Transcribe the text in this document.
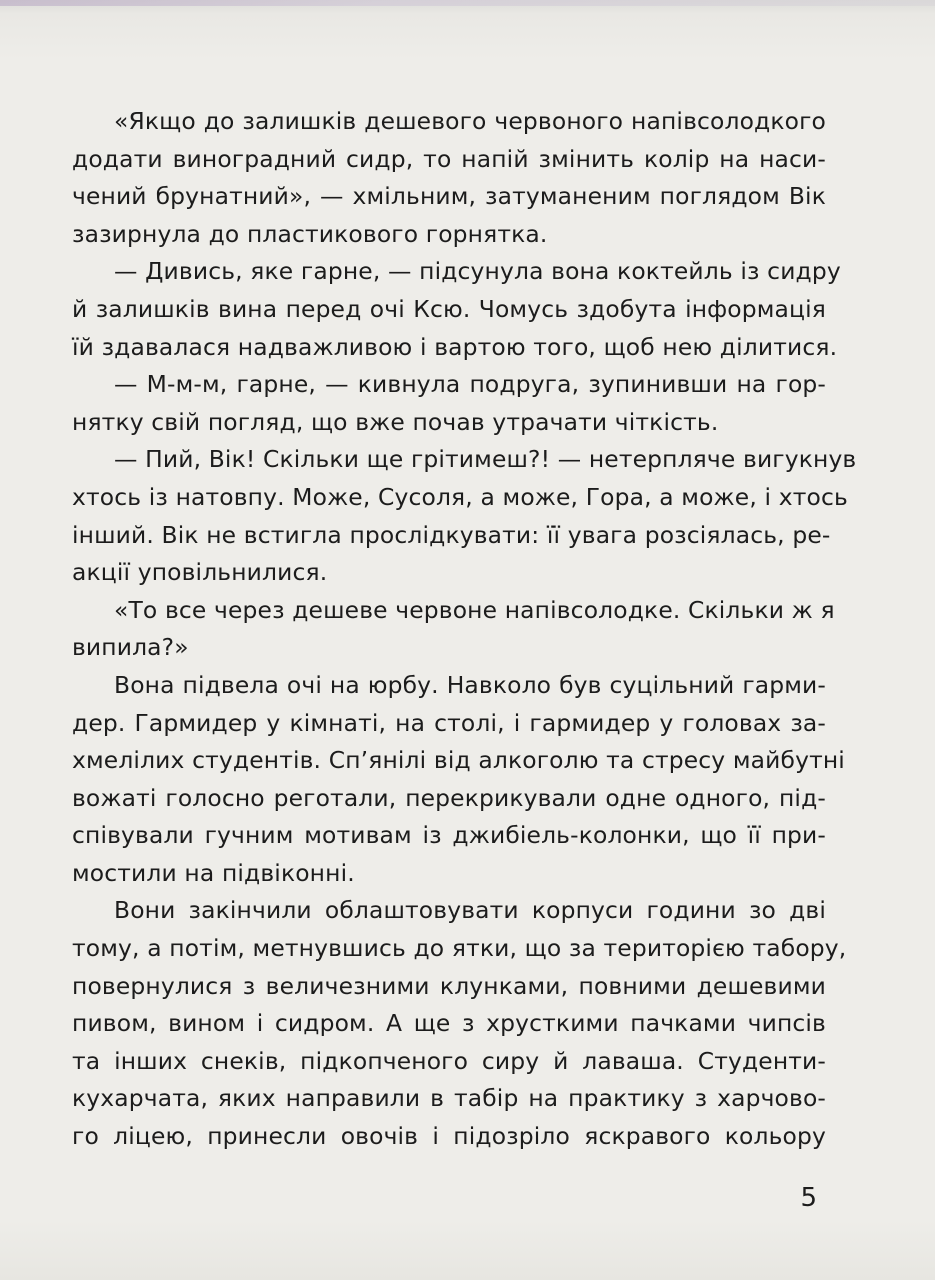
«Якщо до залишків дешевого червоного напівсолодкого
додати виноградний сидр, то напій змінить колір на наси-
чений брунатний», — хмільним, затуманеним поглядом Вік
зазирнула до пластикового горнятка.
— Дивись, яке гарне, — підсунула вона коктейль із сидру
й залишків вина перед очі Ксю. Чомусь здобута інформація
їй здавалася надважливою і вартою того, щоб нею ділитися.
— М-м-м, гарне, — кивнула подруга, зупинивши на гор-
нятку свій погляд, що вже почав утрачати чіткість.
— Пий, Вік! Скільки ще грітимеш?! — нетерпляче вигукнув
хтось із натовпу. Може, Сусоля, а може, Гора, а може, і хтось
інший. Вік не встигла прослідкувати: її увага розсіялась, ре-
акції уповільнилися.
«То все через дешеве червоне напівсолодке. Скільки ж я
випила?»
Вона підвела очі на юрбу. Навколо був суцільний гарми-
дер. Гармидер у кімнаті, на столі, і гармидер у головах за-
хмелілих студентів. Сп’янілі від алкоголю та стресу майбутні
вожаті голосно реготали, перекрикували одне одного, під-
співували гучним мотивам із джибіель-колонки, що її при-
мостили на підвіконні.
Вони закінчили облаштовувати корпуси години зо дві
тому, а потім, метнувшись до ятки, що за територією табору,
повернулися з величезними клунками, повними дешевими
пивом, вином і сидром. А ще з хрусткими пачками чипсів
та інших снеків, підкопченого сиру й лаваша. Студенти-
кухарчата, яких направили в табір на практику з харчово-
го ліцею, принесли овочів і підозріло яскравого кольору
5
